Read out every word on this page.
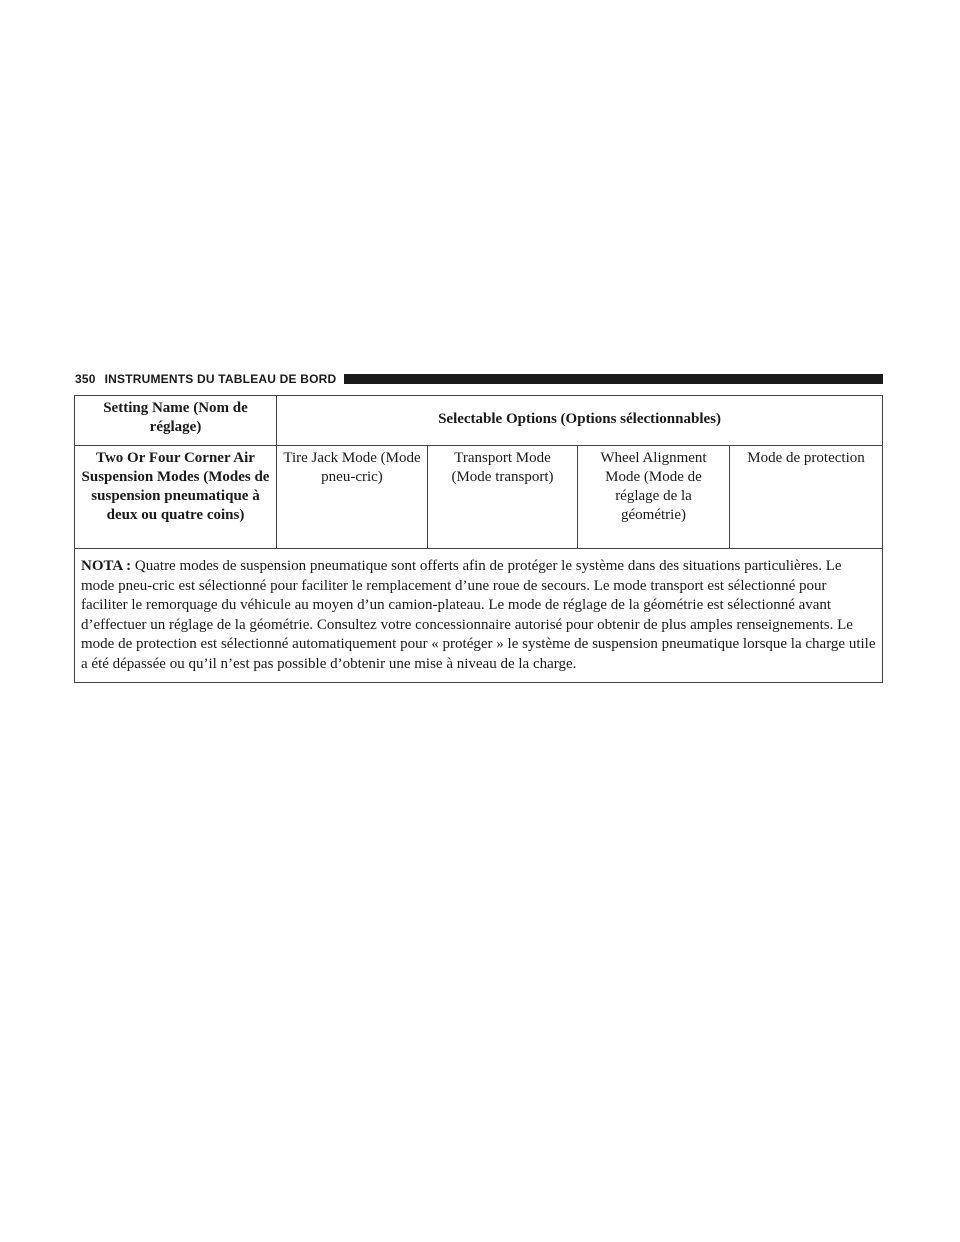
350 INSTRUMENTS DU TABLEAU DE BORD
Setting Name (Nom de réglage)	Selectable Options (Options sélectionnables)			
Two Or Four Corner Air Suspension Modes (Modes de suspension pneumatique à deux ou quatre coins)	Tire Jack Mode (Mode pneu-cric)	Transport Mode (Mode transport)	Wheel Alignment Mode (Mode de réglage de la géométrie)	Mode de protection
NOTA : Quatre modes de suspension pneumatique sont offerts afin de protéger le système dans des situations particulières. Le mode pneu-cric est sélectionné pour faciliter le remplacement d’une roue de secours. Le mode transport est sélectionné pour faciliter le remorquage du véhicule au moyen d’un camion-plateau. Le mode de réglage de la géométrie est sélectionné avant d’effectuer un réglage de la géométrie. Consultez votre concessionnaire autorisé pour obtenir de plus amples renseignements. Le mode de protection est sélectionné automatiquement pour « protéger » le système de suspension pneumatique lorsque la charge utile a été dépassée ou qu’il n’est pas possible d’obtenir une mise à niveau de la charge.				
